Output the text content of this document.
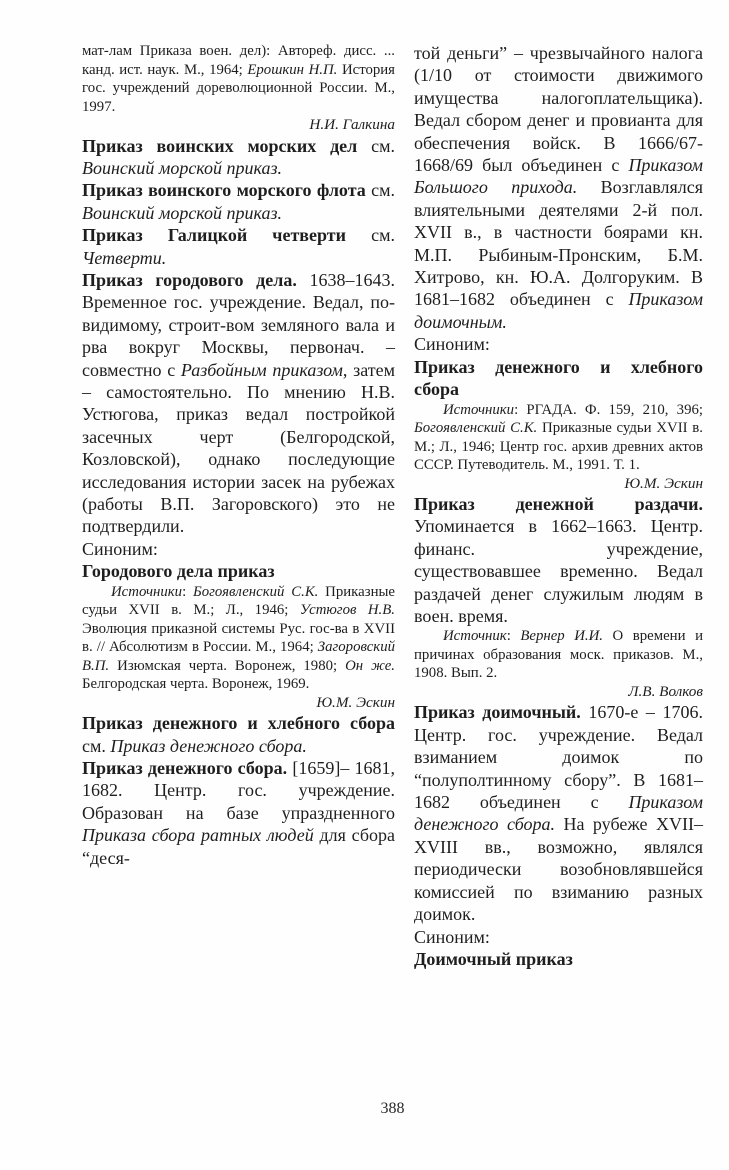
мат-лам Приказа воен. дел): Автореф. дисс. ... канд. ист. наук. М., 1964; Ерошкин Н.П. История гос. учреждений дореволюционной России. М., 1997.

Н.И. Галкина

Приказ воинских морских дел см. Воинский морской приказ.

Приказ воинского морского флота см. Воинский морской приказ.

Приказ Галицкой четверти см. Четверти.

Приказ городового дела. 1638–1643. Временное гос. учреждение. Ведал, по-видимому, строит-вом земляного вала и рва вокруг Москвы, первонач. – совместно с Разбойным приказом, затем – самостоятельно. По мнению Н.В. Устюгова, приказ ведал постройкой засечных черт (Белгородской, Козловской), однако последующие исследования истории засек на рубежах (работы В.П. Загоровского) это не подтвердили.

Синоним:

Городового дела приказ

Источники: Богоявленский С.К. Приказные судьи XVII в. М.; Л., 1946; Устюгов Н.В. Эволюция приказной системы Рус. гос-ва в XVII в. // Абсолютизм в России. М., 1964; Загоровский В.П. Изюмская черта. Воронеж, 1980; Он же. Белгородская черта. Воронеж, 1969.

Ю.М. Эскин

Приказ денежного и хлебного сбора см. Приказ денежного сбора.

Приказ денежного сбора. [1659]– 1681, 1682. Центр. гос. учреждение. Образован на базе упраздненного Приказа сбора ратных людей для сбора “деся-

той деньги” – чрезвычайного налога (1/10 от стоимости движимого имущества налогоплательщика). Ведал сбором денег и провианта для обеспечения войск. В 1666/67-1668/69 был объединен с Приказом Большого прихода. Возглавлялся влиятельными деятелями 2-й пол. XVII в., в частности боярами кн. М.П. Рыбиным-Пронским, Б.М. Хитрово, кн. Ю.А. Долгоруким. В 1681–1682 объединен с Приказом доимочным.

Синоним:

Приказ денежного и хлебного сбора

Источники: РГАДА. Ф. 159, 210, 396; Богоявленский С.К. Приказные судьи XVII в. М.; Л., 1946; Центр гос. архив древних актов СССР. Путеводитель. М., 1991. Т. 1.

Ю.М. Эскин

Приказ денежной раздачи. Упоминается в 1662–1663. Центр. финанс. учреждение, существовавшее временно. Ведал раздачей денег служилым людям в воен. время.

Источник: Вернер И.И. О времени и причинах образования моск. приказов. М., 1908. Вып. 2.

Л.В. Волков

Приказ доимочный. 1670-е – 1706. Центр. гос. учреждение. Ведал взиманием доимок по “полуполтинному сбору”. В 1681–1682 объединен с Приказом денежного сбора. На рубеже XVII–XVIII вв., возможно, являлся периодически возобновлявшейся комиссией по взиманию разных доимок.

Синоним:

Доимочный приказ

388
